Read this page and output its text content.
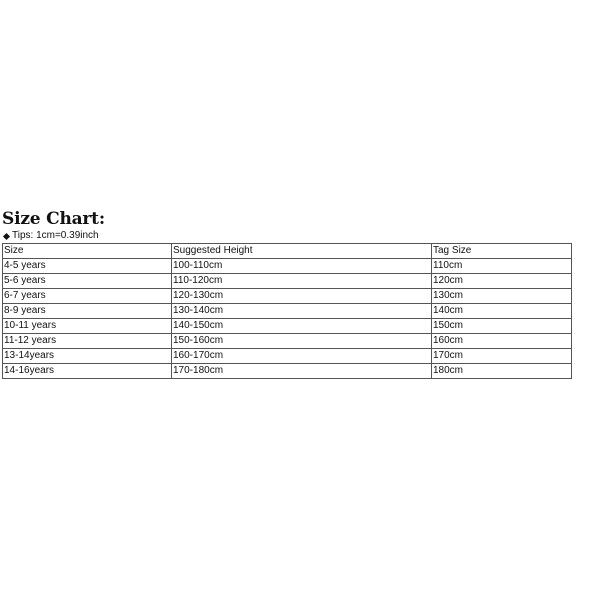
Size Chart:
Tips: 1cm=0.39inch
Size	Suggested Height	Tag Size
4-5 years	100-110cm	110cm
5-6 years	110-120cm	120cm
6-7 years	120-130cm	130cm
8-9 years	130-140cm	140cm
10-11 years	140-150cm	150cm
11-12 years	150-160cm	160cm
13-14years	160-170cm	170cm
14-16years	170-180cm	180cm
